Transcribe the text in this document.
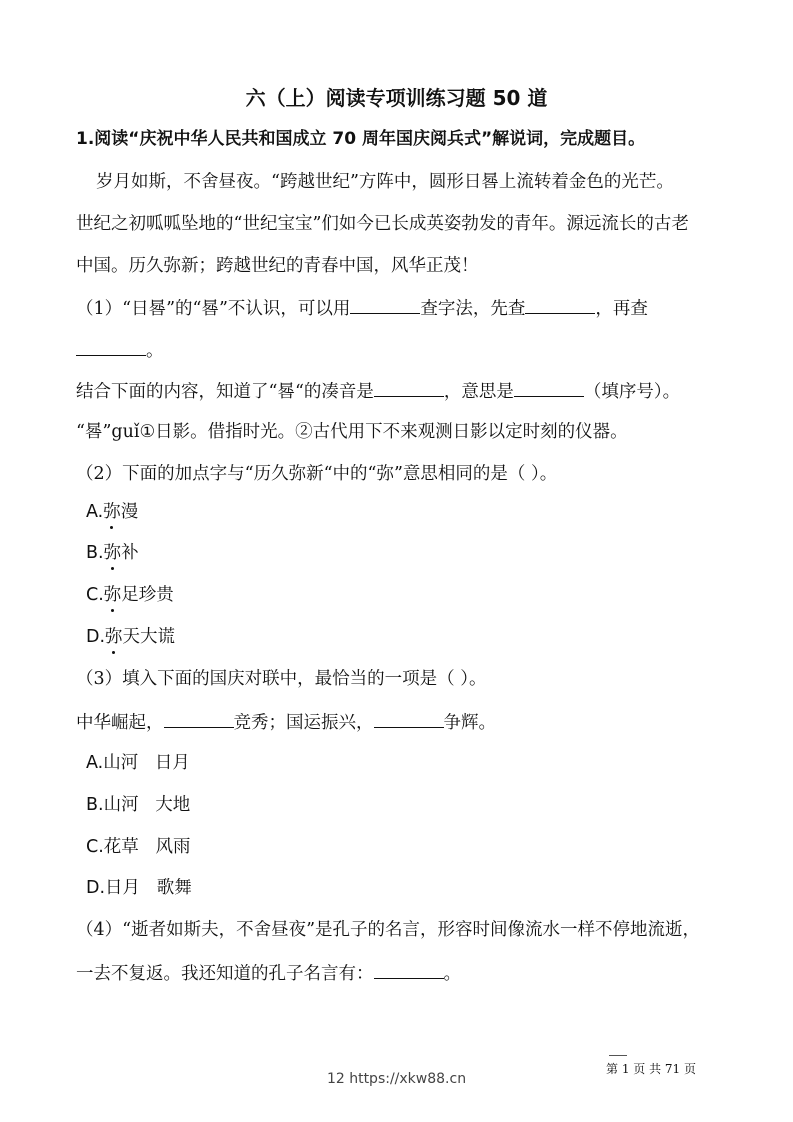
六（上）阅读专项训练习题 50 道
1.阅读“庆祝中华人民共和国成立 70 周年国庆阅兵式”解说词，完成题目。
岁月如斯，不舍昼夜。“跨越世纪”方阵中，圆形日晷上流转着金色的光芒。
世纪之初呱呱坠地的“世纪宝宝”们如今已长成英姿勃发的青年。源远流长的古老
中国。历久弥新；跨越世纪的青春中国，风华正茂！
（1）“日晷”的“晷”不认识，可以用	查字法，先查	，再查
。
结合下面的内容，知道了“晷“的凑音是	，意思是	（填序号）。
“晷”guǐ①日影。借指时光。②古代用下不来观测日影以定时刻的仪器。
（2）下面的加点字与“历久弥新“中的“弥”意思相同的是（ ）。
A.弥漫
B.弥补
C.弥足珍贵
D.弥天大谎
（3）填入下面的国庆对联中，最恰当的一项是（ ）。
中华崛起，	竞秀；国运振兴，	争辉。
A.山河   日月
B.山河   大地
C.花草   风雨
D.日月   歌舞
（4）“逝者如斯夫，不舍昼夜”是孔子的名言，形容时间像流水一样不停地流逝，
一去不复返。我还知道的孔子名言有：	。
第 1 页 共 71 页
12 https://xkw88.cn
